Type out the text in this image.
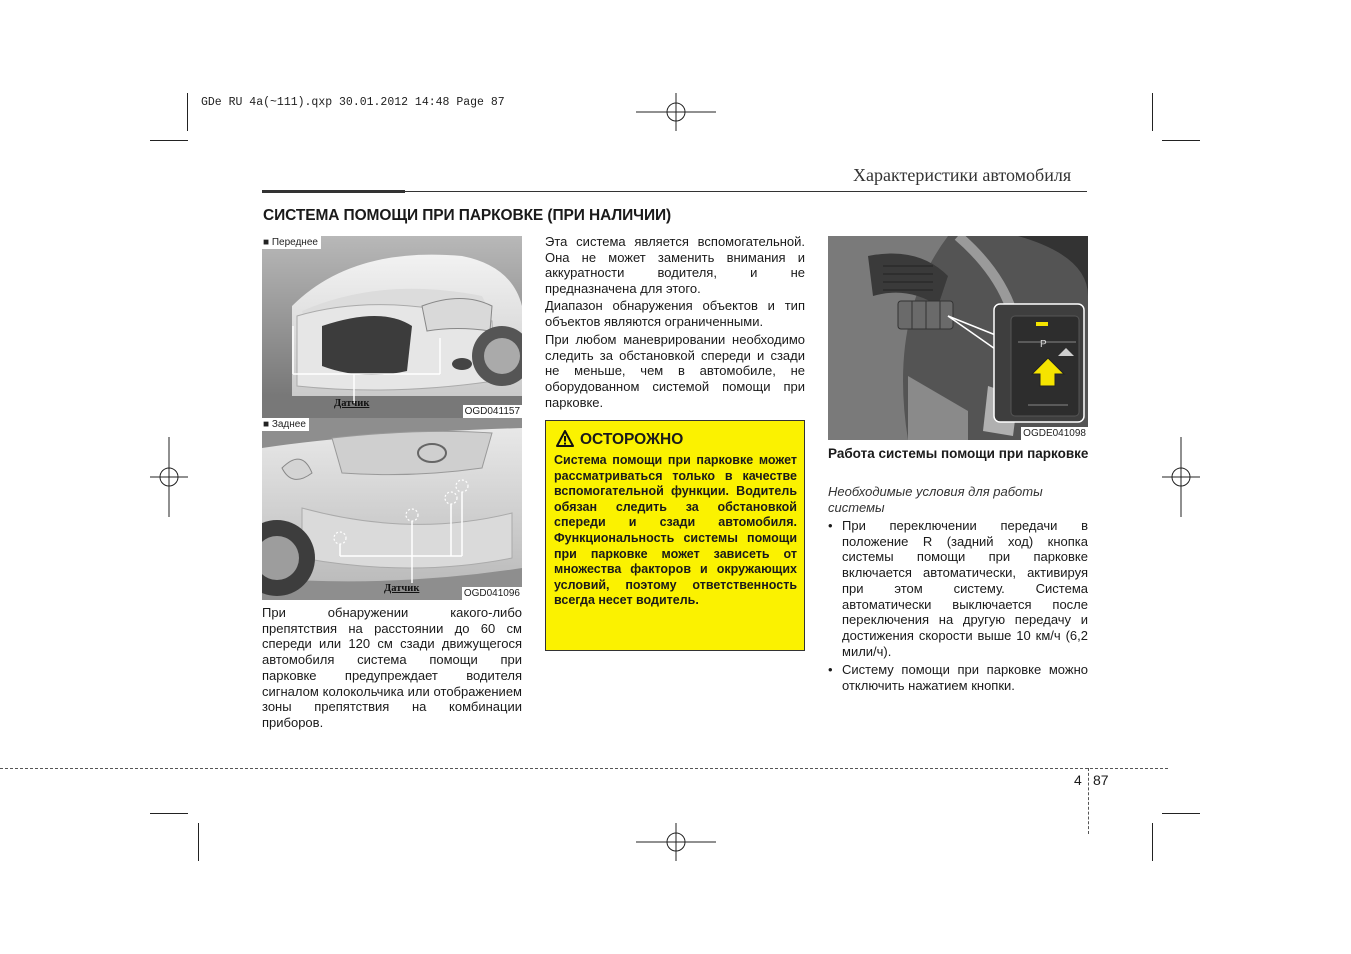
GDe RU 4a(~111).qxp 30.01.2012 14:48 Page 87
Характеристики автомобиля
СИСТЕМА ПОМОЩИ ПРИ ПАРКОВКЕ (ПРИ НАЛИЧИИ)
■ Переднее
Датчик
OGD041157
■ Заднее
Датчик	OGD041096
При обнаружении какого-либо препятствия на расстоянии до 60 см спереди или 120 см сзади движущегося автомобиля система помощи при парковке предупреждает водителя сигналом колокольчика или отображением зоны препятствия на комбинации приборов.
Эта система является вспомогательной. Она не может заменить внимания и аккуратности водителя, и не предназначена для этого.
Диапазон обнаружения объектов и тип объектов являются ограниченными.
При любом маневрировании необходимо следить за обстановкой спереди и сзади не меньше, чем в автомобиле, не оборудованном системой помощи при парковке.
ОСТОРОЖНО
Система помощи при парковке может рассматриваться только в качестве вспомогательной функции. Водитель обязан следить за обстановкой спереди и сзади автомобиля. Функциональность системы помощи при парковке может зависеть от множества факторов и окружающих условий, поэтому ответственность всегда несет водитель.
P
OGDE041098
Работа системы помощи при парковке
Необходимые условия для работы системы
• При переключении передачи в положение R (задний ход) кнопка системы помощи при парковке включается автоматически, активируя при этом систему. Система автоматически выключается после переключения на другую передачу и достижения скорости выше 10 км/ч (6,2 мили/ч).
• Систему помощи при парковке можно отключить нажатием кнопки.
4 87
